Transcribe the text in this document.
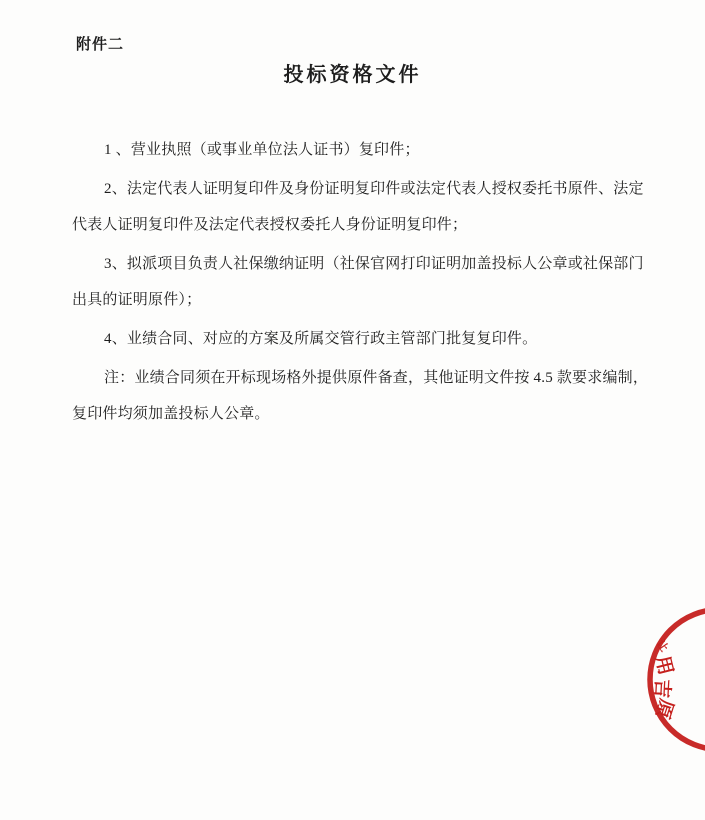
附件二
投标资格文件

1 、营业执照（或事业单位法人证书）复印件；

2、法定代表人证明复印件及身份证明复印件或法定代表人授权委托书原件、法定代表人证明复印件及法定代表授权委托人身份证明复印件；

3、拟派项目负责人社保缴纳证明（社保官网打印证明加盖投标人公章或社保部门出具的证明原件）；

4、业绩合同、对应的方案及所属交管行政主管部门批复复印件。

注：业绩合同须在开标现场格外提供原件备查，其他证明文件按 4.5 款要求编制，复印件均须加盖投标人公章。

让
用
吉
原
